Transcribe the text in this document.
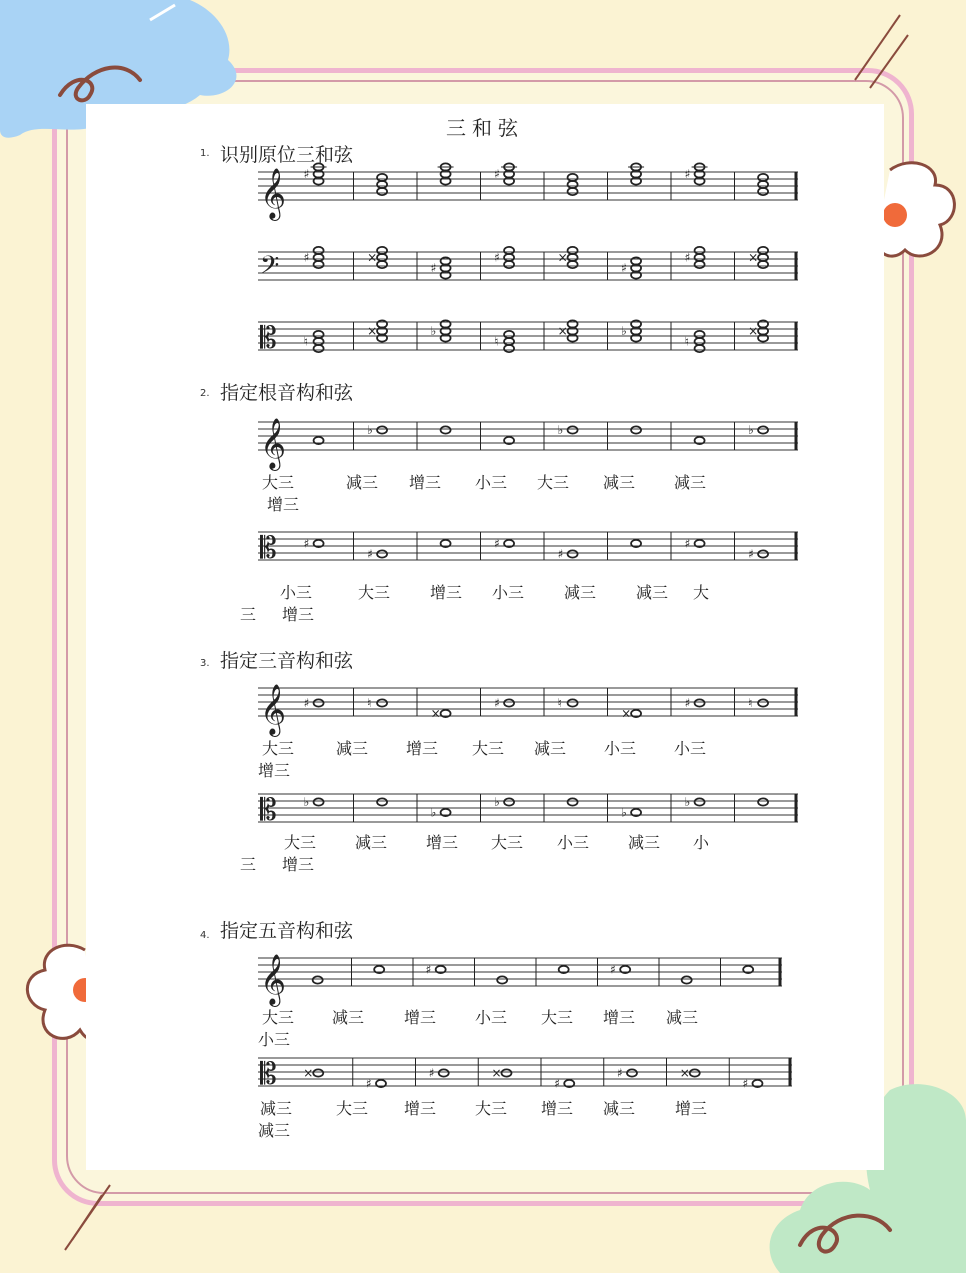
三和弦
1. 识别原位三和弦
𝄞 ♯	♯	♯
𝄢 ♯	×
♯
♯	×
♯
♯	×
𝄡 ♮
×	♭
♮
×	♭
♮
×
2. 指定根音构和弦
𝄞	♭	♭	♭
大三	减三 增三 小三 大三 减三 减三
增三
𝄡 ♯
♯
♯
♯
♯
♯
小三	大三 增三 小三 减三 减三 大
三 增三
3. 指定三音构和弦
𝄞 ♯	♮
×
♯	♮
×
♯	♮
大三	减三 增三 大三 减三 小三 小三
增三
𝄡 ♭
♭
♭
♭
♭
大三 减三 增三 大三 小三 减三 小
三 增三
4. 指定五音构和弦
𝄞	♯	♯
大三 减三 增三 小三 大三 增三 减三
小三
𝄡 ×
♯
♯	×
♯
♯	×
♯
减三	大三 增三 大三 增三 减三 增三
减三
